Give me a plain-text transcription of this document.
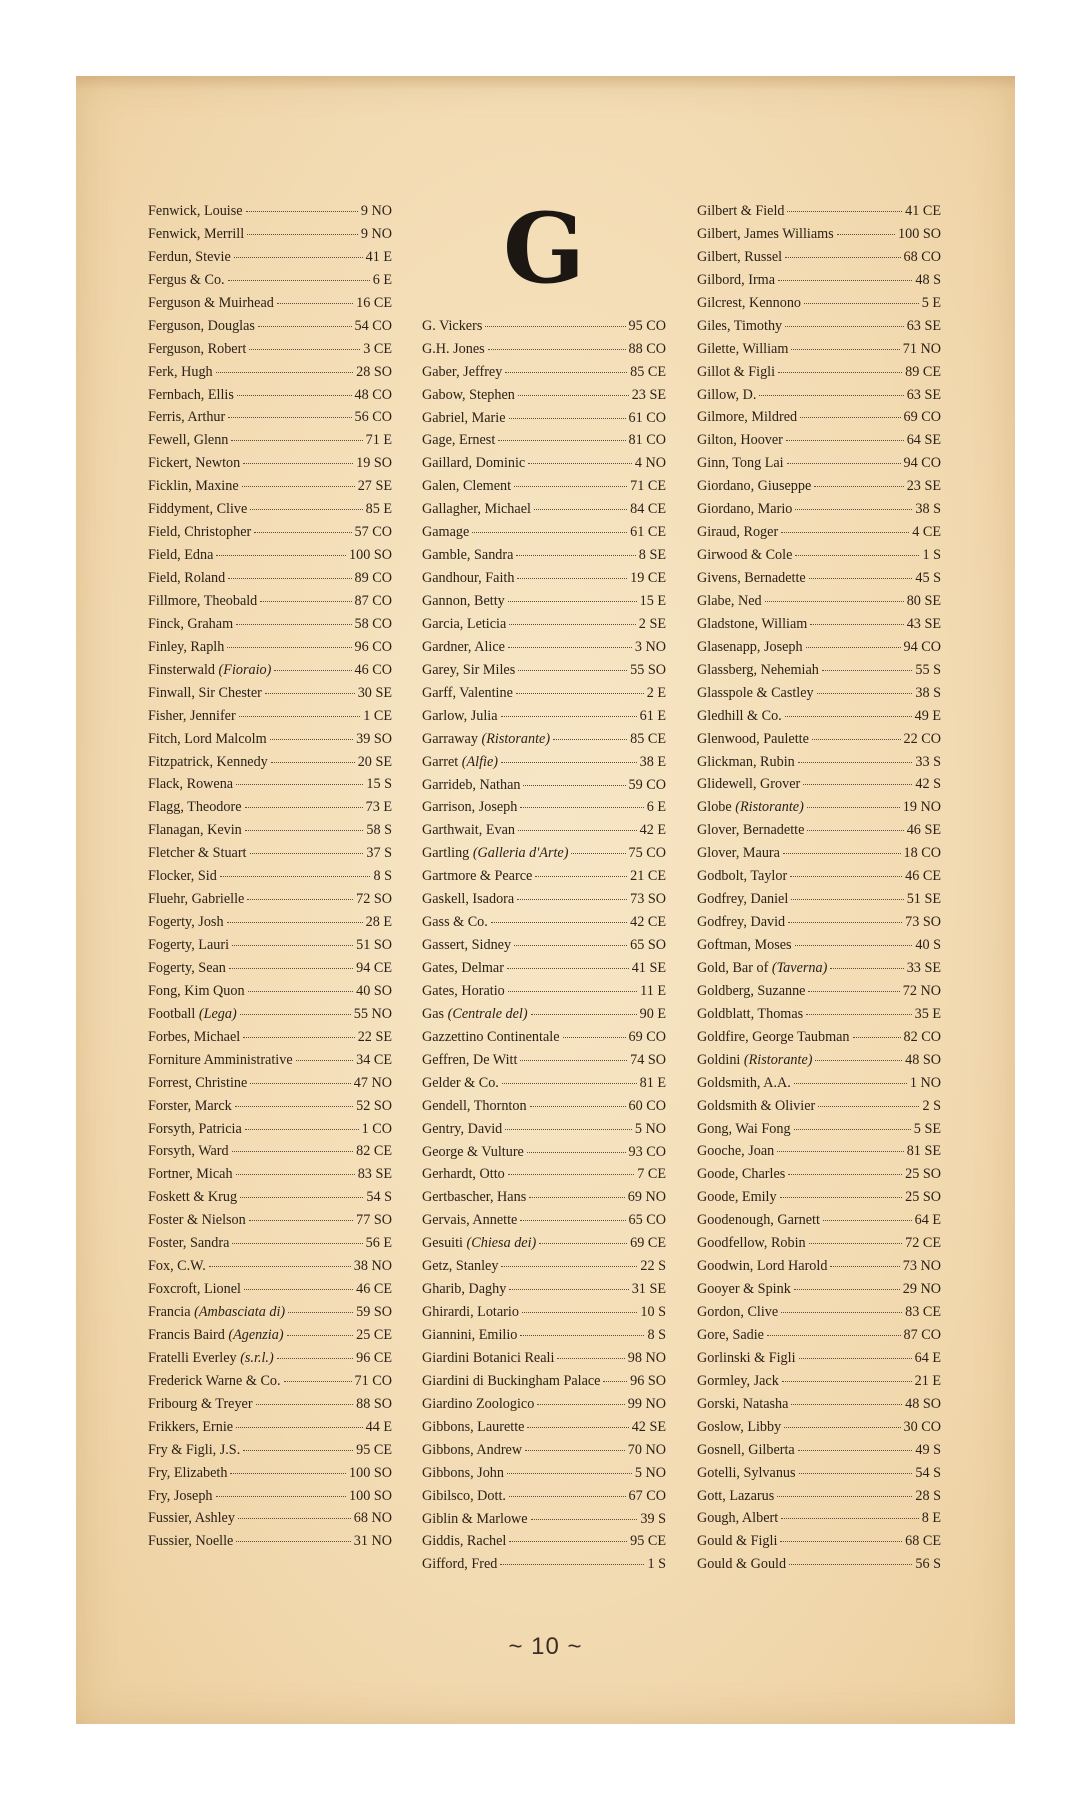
Fenwick, Louise	9 NO
Fenwick, Merrill	9 NO
Ferdun, Stevie	41 E
Fergus & Co.	6 E
Ferguson & Muirhead	16 CE
Ferguson, Douglas	54 CO
Ferguson, Robert	3 CE
Ferk, Hugh	28 SO
Fernbach, Ellis	48 CO
Ferris, Arthur	56 CO
Fewell, Glenn	71 E
Fickert, Newton	19 SO
Ficklin, Maxine	27 SE
Fiddyment, Clive	85 E
Field, Christopher	57 CO
Field, Edna	100 SO
Field, Roland	89 CO
Fillmore, Theobald	87 CO
Finck, Graham	58 CO
Finley, Raplh	96 CO
Finsterwald (Fioraio)	46 CO
Finwall, Sir Chester	30 SE
Fisher, Jennifer	1 CE
Fitch, Lord Malcolm	39 SO
Fitzpatrick, Kennedy	20 SE
Flack, Rowena	15 S
Flagg, Theodore	73 E
Flanagan, Kevin	58 S
Fletcher & Stuart	37 S
Flocker, Sid	8 S
Fluehr, Gabrielle	72 SO
Fogerty, Josh	28 E
Fogerty, Lauri	51 SO
Fogerty, Sean	94 CE
Fong, Kim Quon	40 SO
Football (Lega)	55 NO
Forbes, Michael	22 SE
Forniture Amministrative	34 CE
Forrest, Christine	47 NO
Forster, Marck	52 SO
Forsyth, Patricia	1 CO
Forsyth, Ward	82 CE
Fortner, Micah	83 SE
Foskett & Krug	54 S
Foster & Nielson	77 SO
Foster, Sandra	56 E
Fox, C.W.	38 NO
Foxcroft, Lionel	46 CE
Francia (Ambasciata di)	59 SO
Francis Baird (Agenzia)	25 CE
Fratelli Everley (s.r.l.)	96 CE
Frederick Warne & Co.	71 CO
Fribourg & Treyer	88 SO
Frikkers, Ernie	44 E
Fry & Figli, J.S.	95 CE
Fry, Elizabeth	100 SO
Fry, Joseph	100 SO
Fussier, Ashley	68 NO
Fussier, Noelle	31 NO
G
G. Vickers	95 CO
G.H. Jones	88 CO
Gaber, Jeffrey	85 CE
Gabow, Stephen	23 SE
Gabriel, Marie	61 CO
Gage, Ernest	81 CO
Gaillard, Dominic	4 NO
Galen, Clement	71 CE
Gallagher, Michael	84 CE
Gamage	61 CE
Gamble, Sandra	8 SE
Gandhour, Faith	19 CE
Gannon, Betty	15 E
Garcia, Leticia	2 SE
Gardner, Alice	3 NO
Garey, Sir Miles	55 SO
Garff, Valentine	2 E
Garlow, Julia	61 E
Garraway (Ristorante)	85 CE
Garret (Alfie)	38 E
Garrideb, Nathan	59 CO
Garrison, Joseph	6 E
Garthwait, Evan	42 E
Gartling (Galleria d'Arte)	75 CO
Gartmore & Pearce	21 CE
Gaskell, Isadora	73 SO
Gass & Co.	42 CE
Gassert, Sidney	65 SO
Gates, Delmar	41 SE
Gates, Horatio	11 E
Gas (Centrale del)	90 E
Gazzettino Continentale	69 CO
Geffren, De Witt	74 SO
Gelder & Co.	81 E
Gendell, Thornton	60 CO
Gentry, David	5 NO
George & Vulture	93 CO
Gerhardt, Otto	7 CE
Gertbascher, Hans	69 NO
Gervais, Annette	65 CO
Gesuiti (Chiesa dei)	69 CE
Getz, Stanley	22 S
Gharib, Daghy	31 SE
Ghirardi, Lotario	10 S
Giannini, Emilio	8 S
Giardini Botanici Reali	98 NO
Giardini di Buckingham Palace 96 SO
Giardino Zoologico	99 NO
Gibbons, Laurette	42 SE
Gibbons, Andrew	70 NO
Gibbons, John	5 NO
Gibilsco, Dott.	67 CO
Giblin & Marlowe	39 S
Giddis, Rachel	95 CE
Gifford, Fred	1 S
Gilbert & Field	41 CE
Gilbert, James Williams	100 SO
Gilbert, Russel	68 CO
Gilbord, Irma	48 S
Gilcrest, Kennono	5 E
Giles, Timothy	63 SE
Gilette, William	71 NO
Gillot & Figli	89 CE
Gillow, D.	63 SE
Gilmore, Mildred	69 CO
Gilton, Hoover	64 SE
Ginn, Tong Lai	94 CO
Giordano, Giuseppe	23 SE
Giordano, Mario	38 S
Giraud, Roger	4 CE
Girwood & Cole	1 S
Givens, Bernadette	45 S
Glabe, Ned	80 SE
Gladstone, William	43 SE
Glasenapp, Joseph	94 CO
Glassberg, Nehemiah	55 S
Glasspole & Castley	38 S
Gledhill & Co.	49 E
Glenwood, Paulette	22 CO
Glickman, Rubin	33 S
Glidewell, Grover	42 S
Globe (Ristorante)	19 NO
Glover, Bernadette	46 SE
Glover, Maura	18 CO
Godbolt, Taylor	46 CE
Godfrey, Daniel	51 SE
Godfrey, David	73 SO
Goftman, Moses	40 S
Gold, Bar of (Taverna)	33 SE
Goldberg, Suzanne	72 NO
Goldblatt, Thomas	35 E
Goldfire, George Taubman	82 CO
Goldini (Ristorante)	48 SO
Goldsmith, A.A.	1 NO
Goldsmith & Olivier	2 S
Gong, Wai Fong	5 SE
Gooche, Joan	81 SE
Goode, Charles	25 SO
Goode, Emily	25 SO
Goodenough, Garnett	64 E
Goodfellow, Robin	72 CE
Goodwin, Lord Harold	73 NO
Gooyer & Spink	29 NO
Gordon, Clive	83 CE
Gore, Sadie	87 CO
Gorlinski & Figli	64 E
Gormley, Jack	21 E
Gorski, Natasha	48 SO
Goslow, Libby	30 CO
Gosnell, Gilberta	49 S
Gotelli, Sylvanus	54 S
Gott, Lazarus	28 S
Gough, Albert	8 E
Gould & Figli	68 CE
Gould & Gould	56 S
~ 10 ~
